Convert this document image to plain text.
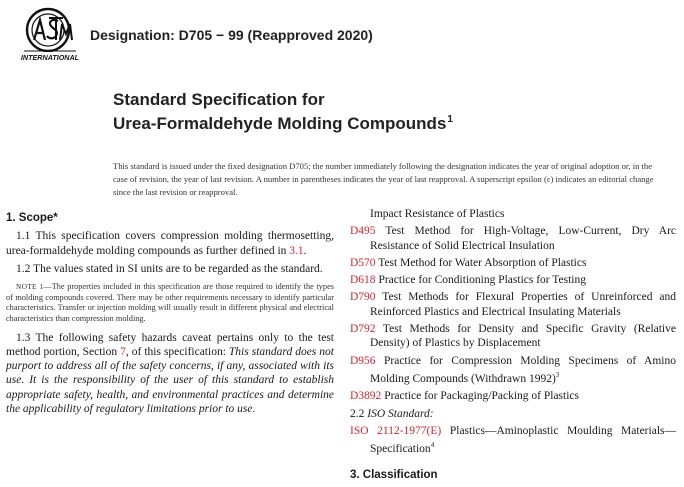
INTERNATIONAL
Designation: D705 − 99 (Reapproved 2020)
Standard Specification for
Urea-Formaldehyde Molding Compounds$^1$
This standard is issued under the fixed designation D705; the number immediately following the designation indicates the year of original adoption or, in the case of revision, the year of last revision. A number in parentheses indicates the year of last reapproval. A superscript epsilon (ε) indicates an editorial change since the last revision or reapproval.
1. Scope*

1.1 This specification covers compression molding thermosetting, urea-formaldehyde molding compounds as further defined in 3.1.

1.2 The values stated in SI units are to be regarded as the standard.

NOTE 1—The properties included in this specification are those required to identify the types of molding compounds covered. There may be other requirements necessary to identify particular characteristics. Transfer or injection molding will usually result in different physical and electrical characteristics than compression molding.

1.3 The following safety hazards caveat pertains only to the test method portion, Section 7, of this specification: This standard does not purport to address all of the safety concerns, if any, associated with its use. It is the responsibility of the user of this standard to establish appropriate safety, health, and environmental practices and determine the applicability of regulatory limitations prior to use.

Impact Resistance of Plastics
D495 Test Method for High-Voltage, Low-Current, Dry Arc Resistance of Solid Electrical Insulation
D570 Test Method for Water Absorption of Plastics
D618 Practice for Conditioning Plastics for Testing
D790 Test Methods for Flexural Properties of Unreinforced and Reinforced Plastics and Electrical Insulating Materials
D792 Test Methods for Density and Specific Gravity (Relative Density) of Plastics by Displacement
D956 Practice for Compression Molding Specimens of Amino Molding Compounds (Withdrawn 1992)$^3$
D3892 Practice for Packaging/Packing of Plastics
2.2 ISO Standard:
ISO 2112-1977(E) Plastics—Aminoplastic Moulding Materials—Specification$^4$
3. Classification
